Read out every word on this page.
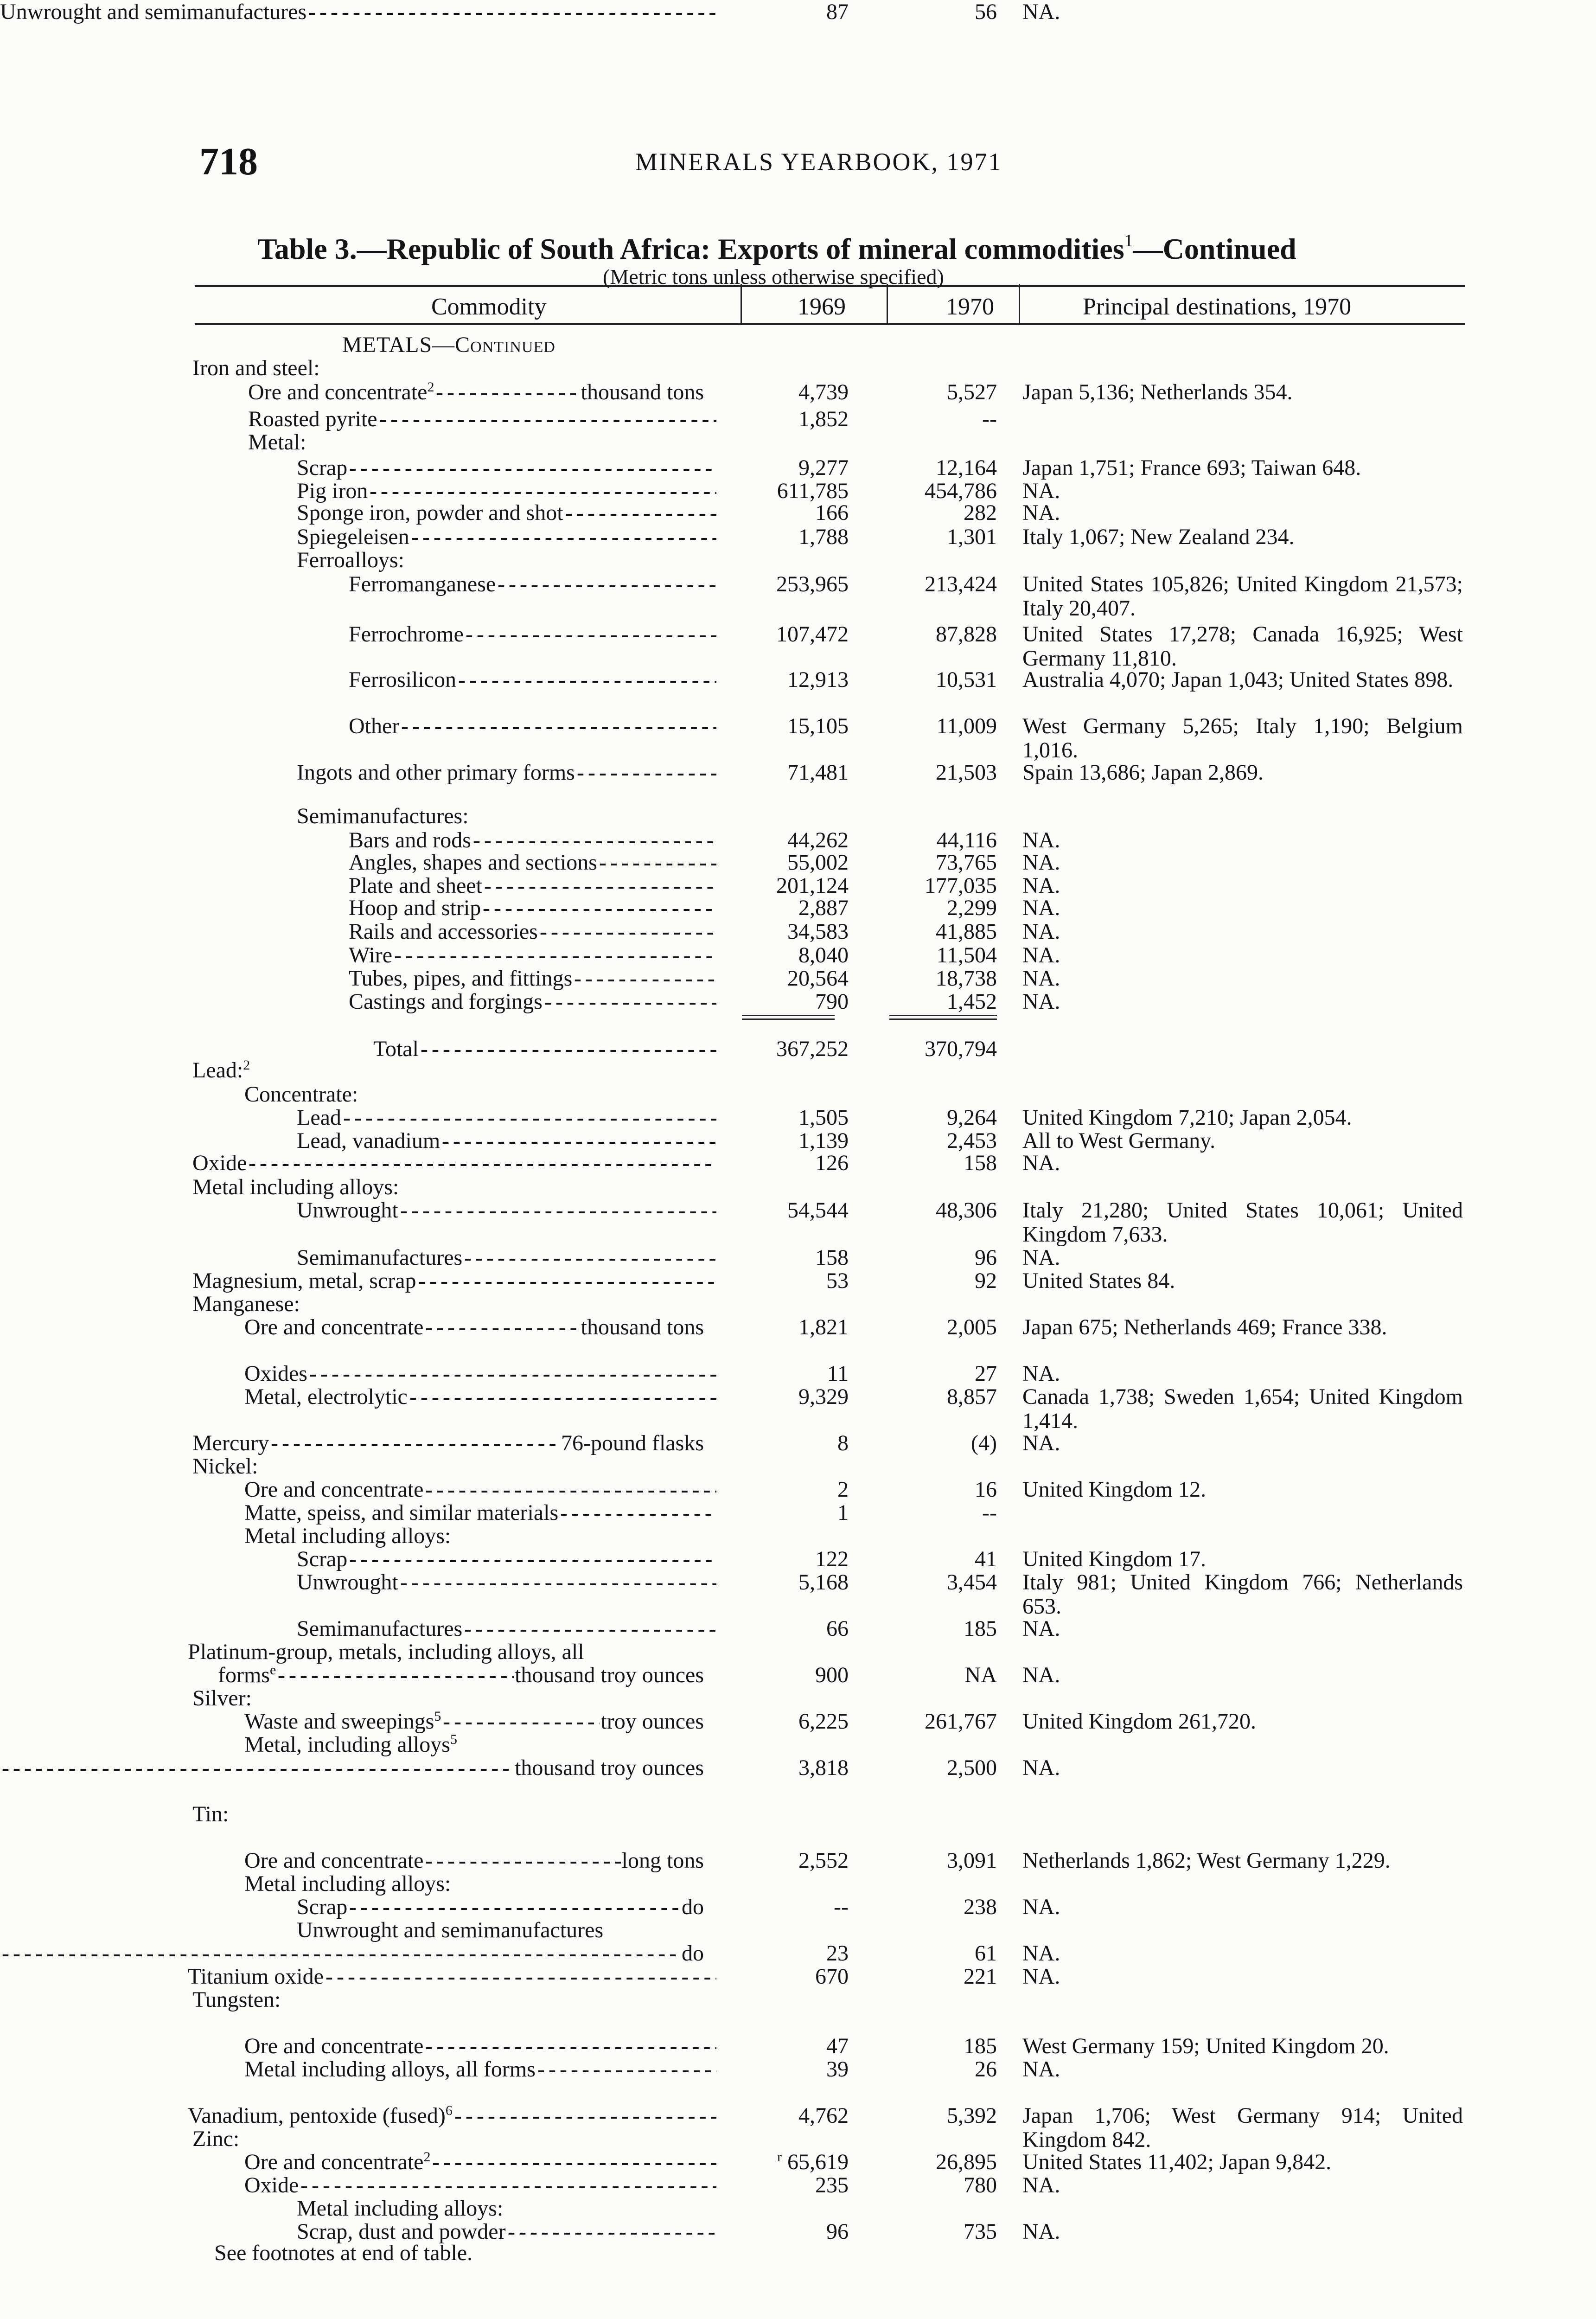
718	MINERALS YEARBOOK, 1971
Table 3.—Republic of South Africa: Exports of mineral commodities$^1$—Continued
(Metric tons unless otherwise specified)
Commodity	1969	1970	Principal destinations, 1970
METALS—Continued
Iron and steel:
Ore and concentrate$^2$	thousand tons - - -	4,739	5,527 Japan 5,136; Netherlands 354.
Roasted pyrite - - -	1,852	--
Metal:
Scrap - - -	9,277	12,164 Japan 1,751; France 693; Taiwan 648.
Pig iron - - -	611,785	454,786 NA.
Sponge iron, powder and shot - - -	166	282 NA.
Spiegeleisen - - -	1,788	1,301 Italy 1,067; New Zealand 234.
Ferroalloys:
Ferromanganese - - -	253,965	213,424 United States 105,826; United Kingdom 21,573; Italy 20,407.
Ferrochrome - - -	107,472	87,828 United States 17,278; Canada 16,925; West Germany 11,810.
Ferrosilicon - - -	12,913	10,531 Australia 4,070; Japan 1,043; United States 898.
Other - - -	15,105	11,009 West Germany 5,265; Italy 1,190; Belgium 1,016.
Ingots and other primary forms - - -	71,481	21,503 Spain 13,686; Japan 2,869.
Semimanufactures:
Bars and rods - - -	44,262	44,116 NA.
Angles, shapes and sections - - -	55,002	73,765 NA.
Plate and sheet - - -	201,124	177,035 NA.
Hoop and strip - - -	2,887	2,299 NA.
Rails and accessories - - -	34,583	41,885 NA.
Wire - - -	8,040	11,504 NA.
Tubes, pipes, and fittings - - -	20,564	18,738 NA.
Castings and forgings - - -	790	1,452 NA.
Total - - -	367,252	370,794
Lead:$^2$
Concentrate:
Lead - - -	1,505	9,264 United Kingdom 7,210; Japan 2,054.
Lead, vanadium - - -	1,139	2,453 All to West Germany.
Oxide - - -	126	158 NA.
Metal including alloys:
Unwrought - - -	54,544	48,306 Italy 21,280; United States 10,061; United Kingdom 7,633.
Semimanufactures - - -	158	96 NA.
Magnesium, metal, scrap - - -	53	92 United States 84.
Manganese:
Ore and concentrate	thousand tons - - -	1,821	2,005 Japan 675; Netherlands 469; France 338.
Oxides - - -	11	27 NA.
Metal, electrolytic - - -	9,329	8,857 Canada 1,738; Sweden 1,654; United Kingdom 1,414.
Mercury	76-pound flasks - - -	8	(4) NA.
Nickel:
Ore and concentrate - - -	2	16 United Kingdom 12.
Matte, speiss, and similar materials - - -	1	--
Metal including alloys:
Scrap - - -	122	41 United Kingdom 17.
Unwrought - - -	5,168	3,454 Italy 981; United Kingdom 766; Netherlands 653.
Semimanufactures - - -	66	185 NA.
Platinum-group, metals, including alloys, all
forms$^e$	thousand troy ounces - - -	900	NA NA.
Silver:
Waste and sweepings$^5$	troy ounces - - -	6,225	261,767 United Kingdom 261,720.
Metal, including alloys$^5$
thousand troy ounces - - -	3,818	2,500 NA.
Tin:
Ore and concentrate	long tons - - -	2,552	3,091 Netherlands 1,862; West Germany 1,229.
Metal including alloys:
Scrap	do - - -	--	238 NA.
Unwrought and semimanufactures
do - - -	23	61 NA.
Titanium oxide - - -	670	221 NA.
Tungsten:
Ore and concentrate - - -	47	185 West Germany 159; United Kingdom 20.
Metal including alloys, all forms - - -	39	26 NA.
Vanadium, pentoxide (fused)$^6$ - - -	4,762	5,392 Japan 1,706; West Germany 914; United Kingdom 842.
Zinc:
Ore and concentrate$^2$ - - -	$^r$ 65,619	26,895 United States 11,402; Japan 9,842.
Oxide - - -	235	780 NA.
Metal including alloys:
Scrap, dust and powder - - -	96	735 NA.
Unwrought and semimanufactures - - -	87	56 NA.
See footnotes at end of table.
